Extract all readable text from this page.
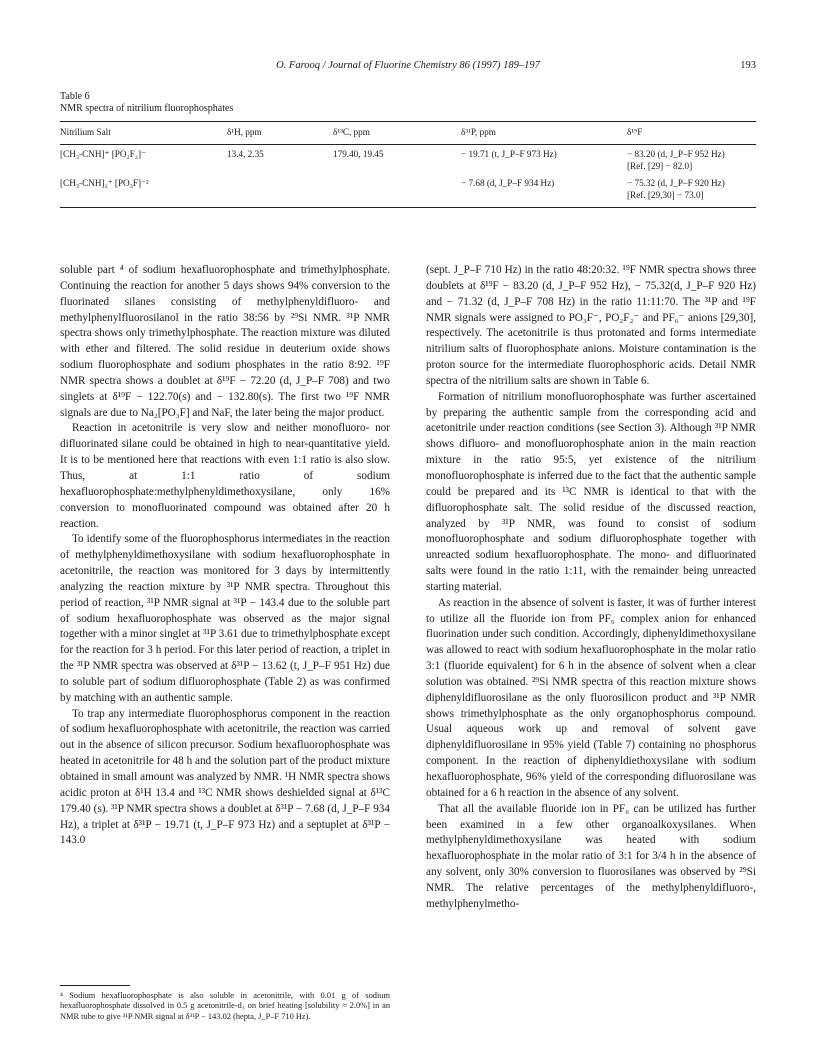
O. Farooq / Journal of Fluorine Chemistry 86 (1997) 189–197	193
Table 6
NMR spectra of nitrilium fluorophosphates
Nitrilium Salt	δ¹H, ppm	δ¹³C, ppm	δ³¹P, ppm	δ¹⁹F
[CH₃-CNH]⁺ [PO₂F₂]⁻	13.4, 2.35	179.40, 19.45	− 19.71 (t, J_P–F 973 Hz)	− 83.20 (d, J_P–F 952 Hz)
[Ref. [29] − 82.0]

[CH₃-CNH]₂⁺ [PO₃F]⁻²			− 7.68 (d, J_P–F 934 Hz)	− 75.32 (d, J_P–F 920 Hz)
[Ref. [29,30] − 73.0]

soluble part ⁴ of sodium hexafluorophosphate and trimethylphosphate. Continuing the reaction for another 5 days shows 94% conversion to the fluorinated silanes consisting of methylphenyldifluoro- and methylphenylfluorosilanol in the ratio 38:56 by ²⁹Si NMR. ³¹P NMR spectra shows only trimethylphosphate. The reaction mixture was diluted with ether and filtered. The solid residue in deuterium oxide shows sodium fluorophosphate and sodium phosphates in the ratio 8:92. ¹⁹F NMR spectra shows a doublet at δ¹⁹F − 72.20 (d, J_P–F 708) and two singlets at δ¹⁹F − 122.70(s) and − 132.80(s). The first two ¹⁹F NMR signals are due to Na₂[PO₃F] and NaF, the later being the major product.

Reaction in acetonitrile is very slow and neither monofluoro- nor difluorinated silane could be obtained in high to near-quantitative yield. It is to be mentioned here that reactions with even 1:1 ratio is also slow. Thus, at 1:1 ratio of sodium hexafluorophosphate:methylphenyldimethoxysilane, only 16% conversion to monofluorinated compound was obtained after 20 h reaction.

To identify some of the fluorophosphorus intermediates in the reaction of methylphenyldimethoxysilane with sodium hexafluorophosphate in acetonitrile, the reaction was monitored for 3 days by intermittently analyzing the reaction mixture by ³¹P NMR spectra. Throughout this period of reaction, ³¹P NMR signal at ³¹P − 143.4 due to the soluble part of sodium hexafluorophosphate was observed as the major signal together with a minor singlet at ³¹P 3.61 due to trimethylphosphate except for the reaction for 3 h period. For this later period of reaction, a triplet in the ³¹P NMR spectra was observed at δ³¹P − 13.62 (t, J_P–F 951 Hz) due to soluble part of sodium difluorophosphate (Table 2) as was confirmed by matching with an authentic sample.

To trap any intermediate fluorophosphorus component in the reaction of sodium hexafluorophosphate with acetonitrile, the reaction was carried out in the absence of silicon precursor. Sodium hexafluorophosphate was heated in acetonitrile for 48 h and the solution part of the product mixture obtained in small amount was analyzed by NMR. ¹H NMR spectra shows acidic proton at δ¹H 13.4 and ¹³C NMR shows deshielded signal at δ¹³C 179.40 (s). ³¹P NMR spectra shows a doublet at δ³¹P − 7.68 (d, J_P–F 934 Hz), a triplet at δ³¹P − 19.71 (t, J_P–F 973 Hz) and a septuplet at δ³¹P − 143.0

(sept. J_P–F 710 Hz) in the ratio 48:20:32. ¹⁹F NMR spectra shows three doublets at δ¹⁹F − 83.20 (d, J_P–F 952 Hz), − 75.32(d, J_P–F 920 Hz) and − 71.32 (d, J_P–F 708 Hz) in the ratio 11:11:70. The ³¹P and ¹⁹F NMR signals were assigned to PO₃F⁻, PO₂F₂⁻ and PF₆⁻ anions [29,30], respectively. The acetonitrile is thus protonated and forms intermediate nitrilium salts of fluorophosphate anions. Moisture contamination is the proton source for the intermediate fluorophosphoric acids. Detail NMR spectra of the nitrilium salts are shown in Table 6.

Formation of nitrilium monofluorophosphate was further ascertained by preparing the authentic sample from the corresponding acid and acetonitrile under reaction conditions (see Section 3). Although ³¹P NMR shows difluoro- and monofluorophosphate anion in the main reaction mixture in the ratio 95:5, yet existence of the nitrilium monofluorophosphate is inferred due to the fact that the authentic sample could be prepared and its ¹³C NMR is identical to that with the difluorophosphate salt. The solid residue of the discussed reaction, analyzed by ³¹P NMR, was found to consist of sodium monofluorophosphate and sodium difluorophosphate together with unreacted sodium hexafluorophosphate. The mono- and difluorinated salts were found in the ratio 1:11, with the remainder being unreacted starting material.

As reaction in the absence of solvent is faster, it was of further interest to utilize all the fluoride ion from PF₆ complex anion for enhanced fluorination under such condition. Accordingly, diphenyldimethoxysilane was allowed to react with sodium hexafluorophosphate in the molar ratio 3:1 (fluoride equivalent) for 6 h in the absence of solvent when a clear solution was obtained. ²⁹Si NMR spectra of this reaction mixture shows diphenyldifluorosilane as the only fluorosilicon product and ³¹P NMR shows trimethylphosphate as the only organophosphorus compound. Usual aqueous work up and removal of solvent gave diphenyldifluorosilane in 95% yield (Table 7) containing no phosphorus component. In the reaction of diphenyldiethoxysilane with sodium hexafluorophosphate, 96% yield of the corresponding difluorosilane was obtained for a 6 h reaction in the absence of any solvent.

That all the available fluoride ion in PF₆ can be utilized has further been examined in a few other organoalkoxysilanes. When methylphenyldimethoxysilane was heated with sodium hexafluorophosphate in the molar ratio of 3:1 for 3/4 h in the absence of any solvent, only 30% conversion to fluorosilanes was observed by ²⁹Si NMR. The relative percentages of the methylphenyldifluoro-, methylphenylmetho-

⁴ Sodium hexafluorophosphate is also soluble in acetonitrile, with 0.01 g of sodium hexafluorophosphate dissolved in 0.5 g acetonitrile-d₃ on brief heating [solubility ≈ 2.0%] in an NMR tube to give ³¹P NMR signal at δ³¹P − 143.02 (hepta, J_P–F 710 Hz).
